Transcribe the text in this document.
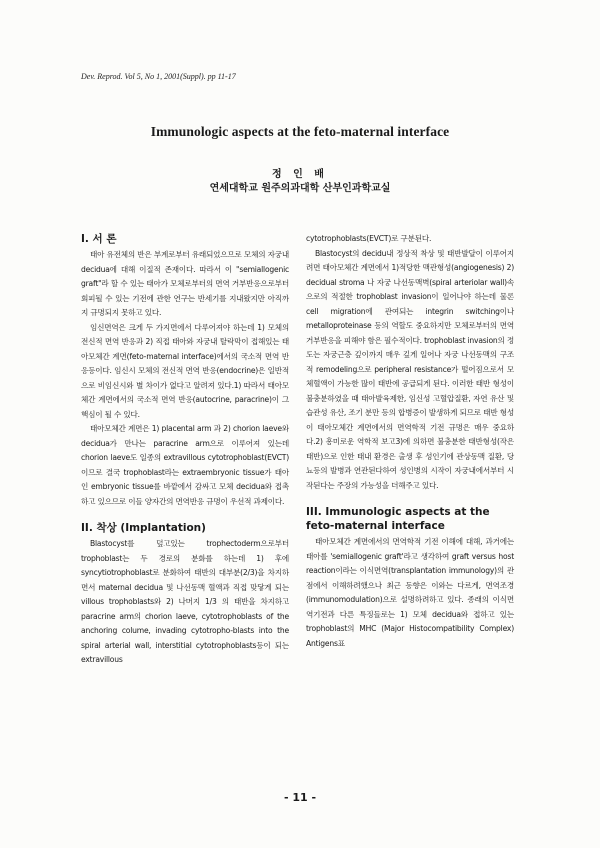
Dev. Reprod. Vol 5, No 1, 2001(Suppl). pp 11-17
Immunologic aspects at the feto-maternal interface
정 인 배
연세대학교 원주의과대학 산부인과학교실
I. 서 론

태아 유전체의 반은 부계로부터 유래되었으므로 모체의 자궁내 decidua에 대해 이질적 존재이다. 따라서 이 "semiallogenic graft"라 할 수 있는 태아가 모체로부터의 면역 거부반응으로부터 회피될 수 있는 기전에 관한 연구는 반세기를 지내왔지만 아직까지 규명되지 못하고 있다.

임신면역은 크게 두 가지면에서 다루어져야 하는데 1) 모체의 전신적 면역 반응과 2) 직접 태아와 자궁내 탈락막이 접해있는 태아모체간 계면(feto-maternal interface)에서의 국소적 면역 반응등이다. 임신시 모체의 전신적 면역 반응(endocrine)은 일반적으로 비임신시와 별 차이가 없다고 알려져 있다.1) 따라서 태아모체간 계면에서의 국소적 면역 반응(autocrine, paracrine)이 그 핵심이 될 수 있다.

태아모체간 계면은 1) placental arm 과 2) chorion laeve와 decidua가 만나는 paracrine arm으로 이루어져 있는데 chorion laeve도 일종의 extravillous cytotrophoblast(EVCT)이므로 결국 trophoblast라는 extraembryonic tissue가 태아인 embryonic tissue를 바깥에서 감싸고 모체 decidua와 접촉하고 있으므로 이들 양자간의 면역반응 규명이 우선적 과제이다.

II. 착상 (Implantation)

Blastocyst를 덮고있는 trophectoderm으로부터 trophoblast는 두 경로의 분화를 하는데 1) 후에 syncytiotrophoblast로 분화하여 태반의 대부분(2/3)을 차지하면서 maternal decidua 및 나선동맥 혈액과 직접 맞닿게 되는 villous trophoblasts와 2) 나머지 1/3 의 태반을 차지하고 paracrine arm의 chorion laeve, cytotrophoblasts of the anchoring colume, invading cytotropho-blasts into the spiral arterial wall, interstitial cytotrophoblasts등이 되는 extravillous

cytotrophoblasts(EVCT)로 구분된다.

Blastocyst의 decidu내 정상적 착상 및 태반발달이 이루어지려면 태아모체간 계면에서 1)적당한 맥관형성(angiogenesis) 2) decidual stroma 나 자궁 나선동맥벽(spiral arteriolar wall)속으로의 적절한 trophoblast invasion이 일어나야 하는데 물론 cell migration에 관여되는 integrin switching이나 metalloproteinase 등의 역할도 중요하지만 모체로부터의 면역 거부반응을 피해야 함은 필수적이다. trophoblast invasion의 정도는 자궁근층 깊이까지 매우 깊게 일어나 자궁 나선동맥의 구조적 remodeling으로 peripheral resistance가 떨어짐으로서 모체혈액이 가능한 많이 태반에 공급되게 된다. 이러한 태반 형성이 불충분하였을 때 태아발육제한, 임신성 고혈압질환, 자연 유산 및 습관성 유산, 조기 분만 등의 합병증이 발생하게 되므로 태반 형성이 태아모체간 계면에서의 면역학적 기전 규명은 매우 중요하다.2) 흥미로운 역학적 보고3)에 의하면 불충분한 태반형성(작은 태반)으로 인한 태내 환경은 출생 후 성인기에 관상동맥 질환, 당뇨등의 발병과 연관된다하여 성인병의 시작이 자궁내에서부터 시작된다는 주장의 가능성을 더해주고 있다.

III. Immunologic aspects at the feto-maternal interface

태아모체간 계면에서의 면역학적 기전 이해에 대해, 과거에는 태아를 'semiallogenic graft'라고 생각하여 graft versus host reaction이라는 이식면역(transplantation immunology)의 관점에서 이해하려했으나 최근 동향은 이와는 다르게, 면역조경(immunomodulation)으로 설명하려하고 있다. 종래의 이식면역기전과 다른 특징들로는 1) 모체 decidua와 접하고 있는 trophoblast의 MHC (Major Histocompatibility Complex) Antigens표

- 11 -
